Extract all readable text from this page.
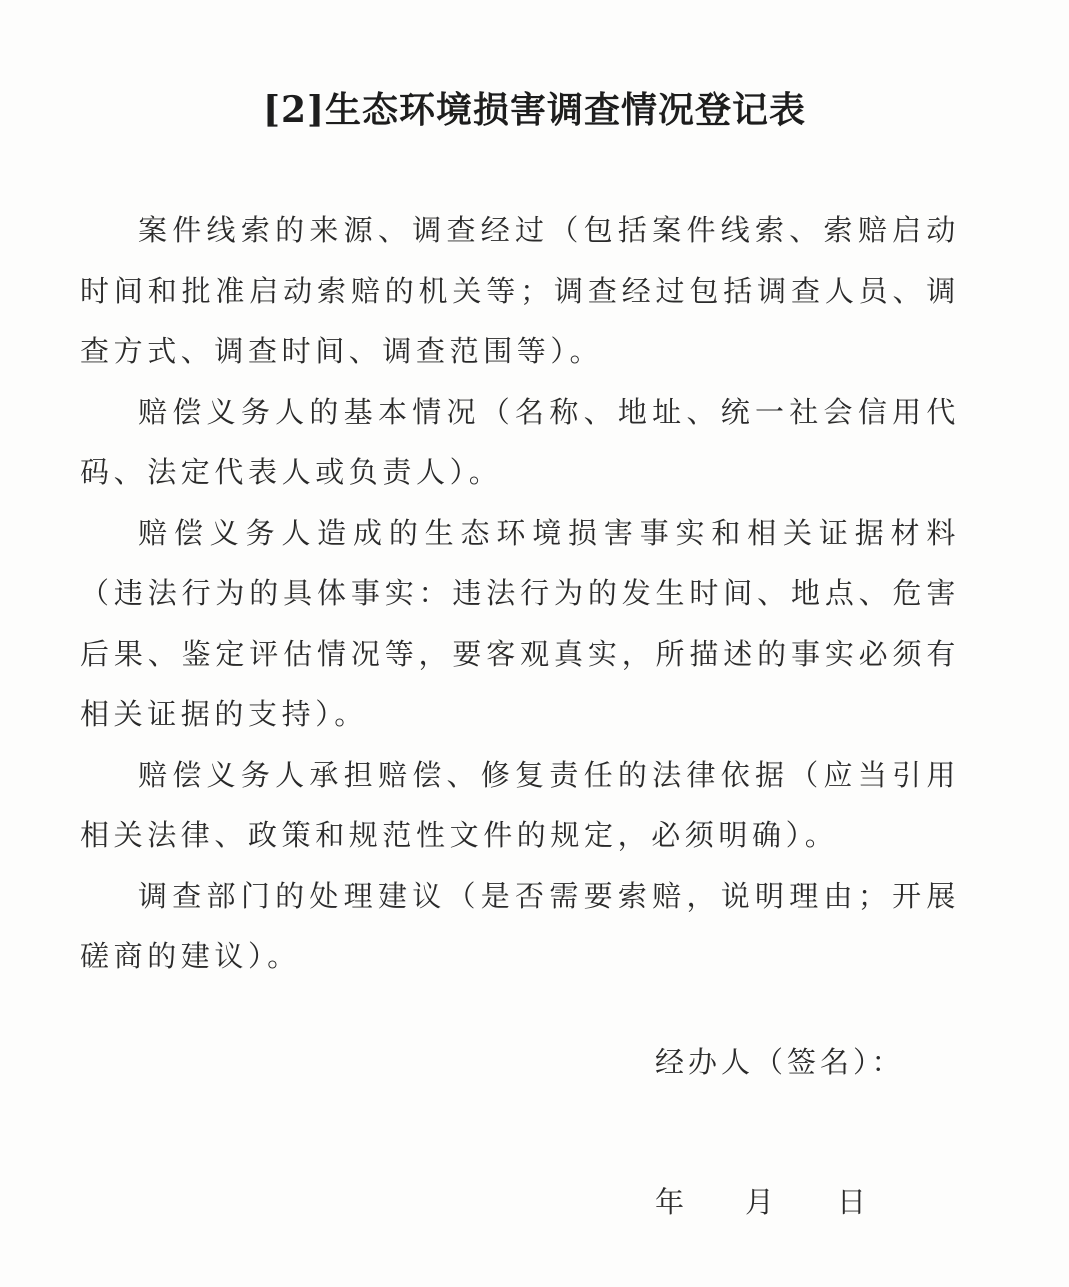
[2]生态环境损害调查情况登记表

案件线索的来源、调查经过（包括案件线索、索赔启动时间和批准启动索赔的机关等；调查经过包括调查人员、调查方式、调查时间、调查范围等）。

赔偿义务人的基本情况（名称、地址、统一社会信用代码、法定代表人或负责人）。

赔偿义务人造成的生态环境损害事实和相关证据材料（违法行为的具体事实：违法行为的发生时间、地点、危害后果、鉴定评估情况等，要客观真实，所描述的事实必须有相关证据的支持）。

赔偿义务人承担赔偿、修复责任的法律依据（应当引用相关法律、政策和规范性文件的规定，必须明确）。

调查部门的处理建议（是否需要索赔，说明理由；开展磋商的建议）。

经办人（签名）：
年 月 日
